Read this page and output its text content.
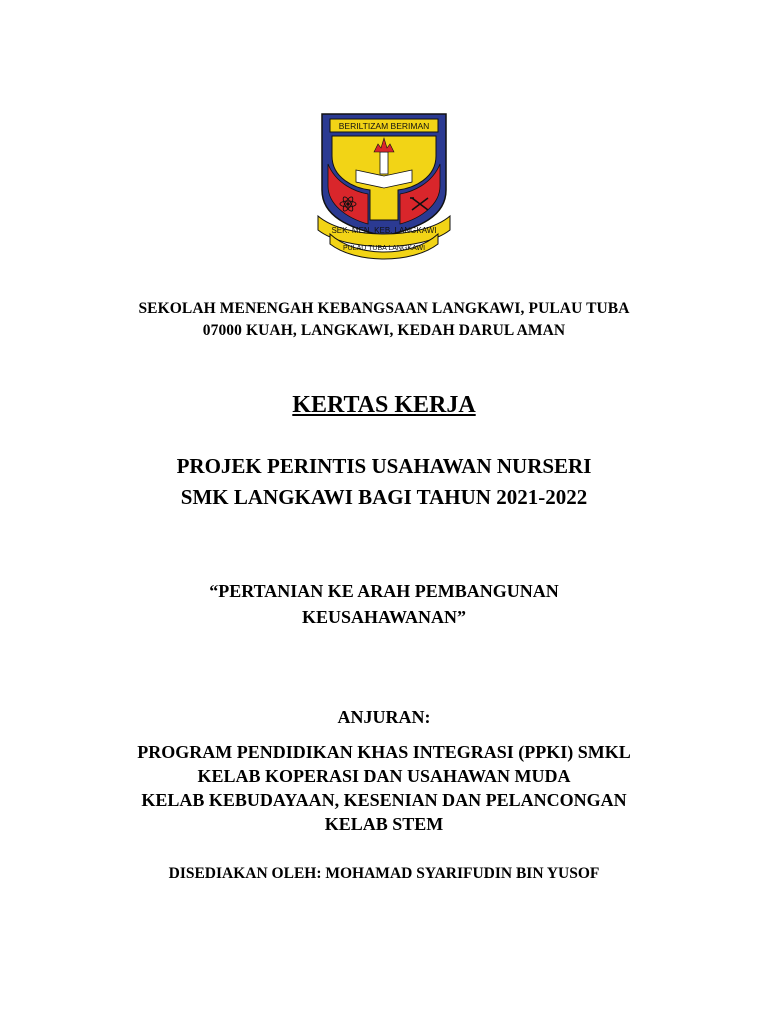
BERILTIZAM BERIMAN
SEK. MEN. KEB. LANGKAWI
PULAU TUBA LANGKAWI
SEKOLAH MENENGAH KEBANGSAAN LANGKAWI, PULAU TUBA
07000 KUAH, LANGKAWI, KEDAH DARUL AMAN
KERTAS KERJA
PROJEK PERINTIS USAHAWAN NURSERI
SMK LANGKAWI BAGI TAHUN 2021-2022
“PERTANIAN KE ARAH PEMBANGUNAN
KEUSAHAWANAN”
ANJURAN:
PROGRAM PENDIDIKAN KHAS INTEGRASI (PPKI) SMKL
KELAB KOPERASI DAN USAHAWAN MUDA
KELAB KEBUDAYAAN, KESENIAN DAN PELANCONGAN
KELAB STEM
DISEDIAKAN OLEH: MOHAMAD SYARIFUDIN BIN YUSOF
